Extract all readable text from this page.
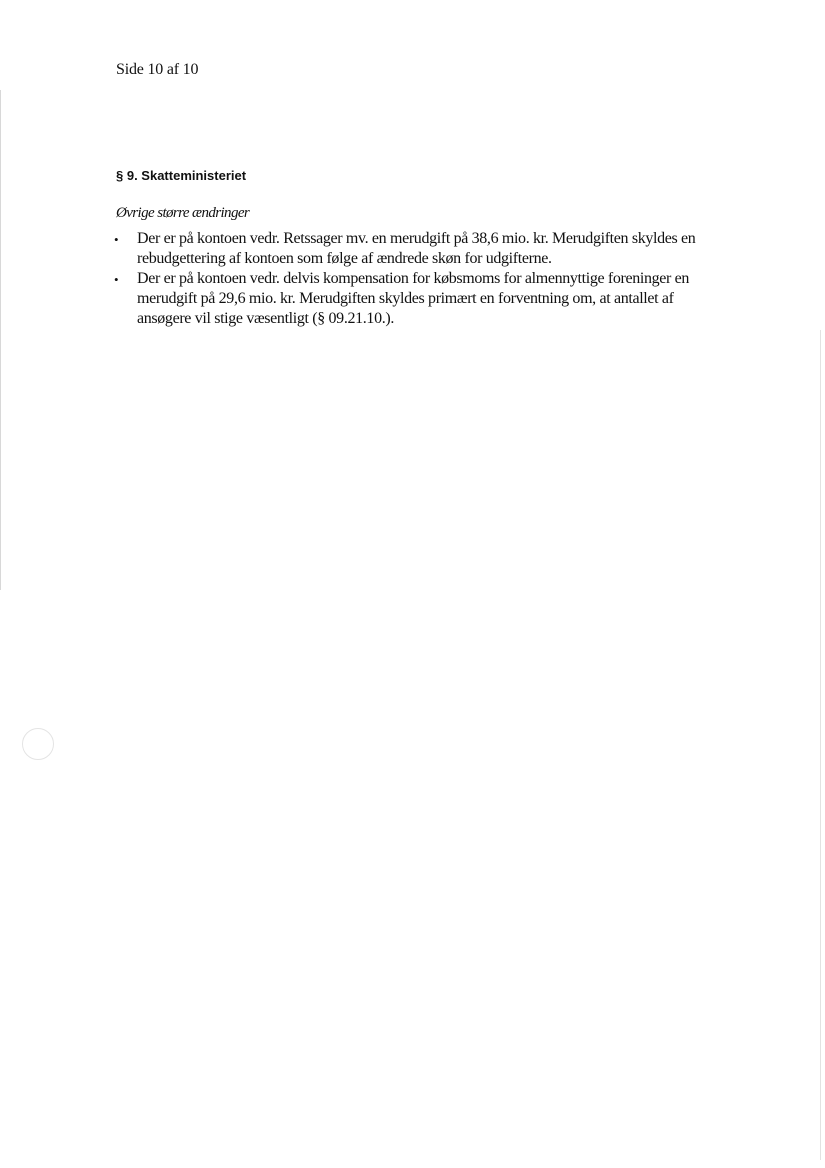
Side 10 af 10
§ 9. Skatteministeriet
Øvrige større ændringer
• Der er på kontoen vedr. Retssager mv. en merudgift på 38,6 mio. kr. Merudgiften skyldes en rebudgettering af kontoen som følge af ændrede skøn for udgifterne.
• Der er på kontoen vedr. delvis kompensation for købsmoms for almennyttige foreninger en merudgift på 29,6 mio. kr. Merudgiften skyldes primært en forventning om, at antallet af ansøgere vil stige væsentligt (§ 09.21.10.).
